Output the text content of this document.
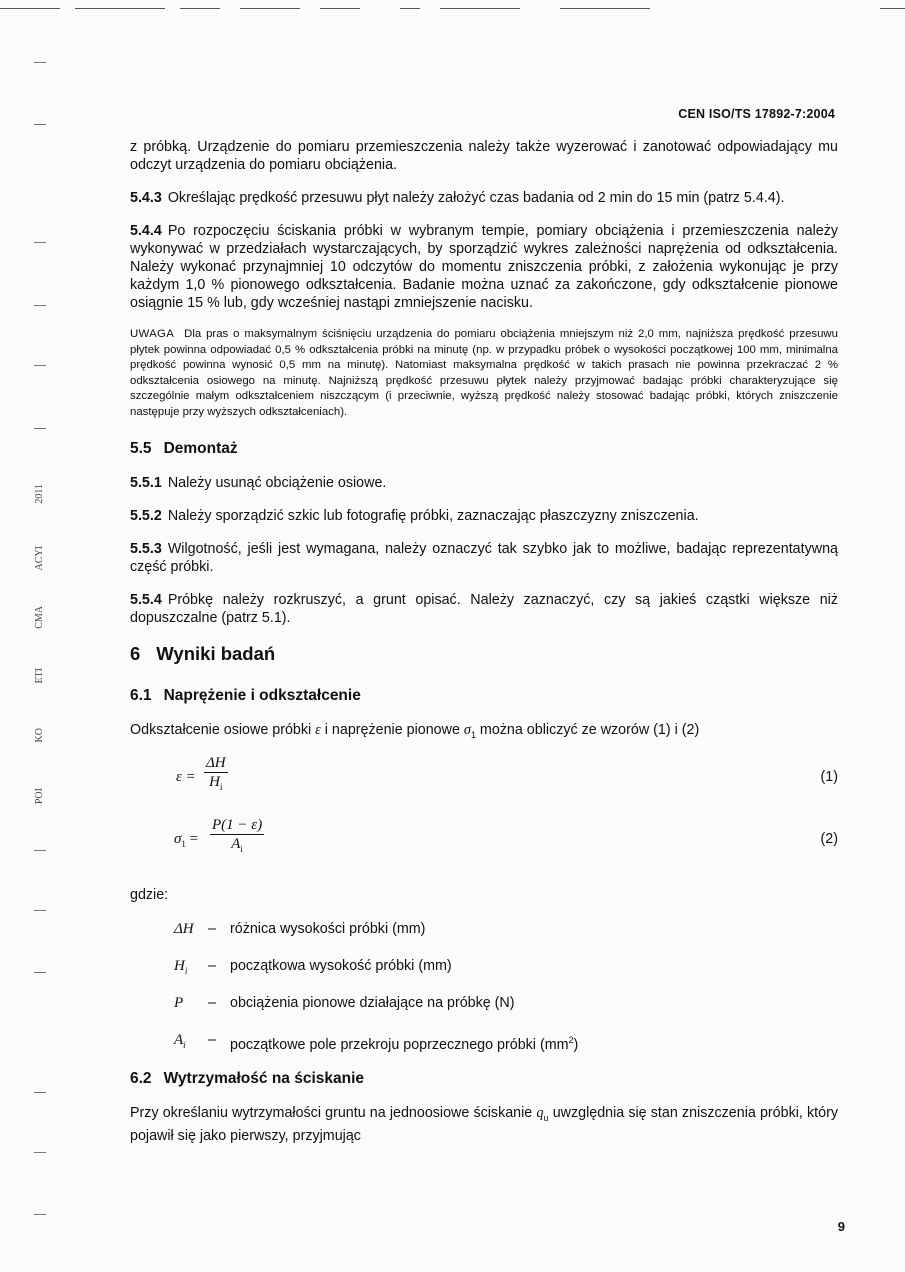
2011
ACYI
CMA
ETI
KO
POI
CEN ISO/TS 17892-7:2004

z próbką. Urządzenie do pomiaru przemieszczenia należy także wyzerować i zanotować odpowiadający mu odczyt urządzenia do pomiaru obciążenia.

5.4.3 Określając prędkość przesuwu płyt należy założyć czas badania od 2 min do 15 min (patrz 5.4.4).

5.4.4 Po rozpoczęciu ściskania próbki w wybranym tempie, pomiary obciążenia i przemieszczenia należy wykonywać w przedziałach wystarczających, by sporządzić wykres zależności naprężenia od odkształcenia. Należy wykonać przynajmniej 10 odczytów do momentu zniszczenia próbki, z założenia wykonując je przy każdym 1,0 % pionowego odkształcenia. Badanie można uznać za zakończone, gdy odkształcenie pionowe osiągnie 15 % lub, gdy wcześniej nastąpi zmniejszenie nacisku.

UWAGA Dla pras o maksymalnym ściśnięciu urządzenia do pomiaru obciążenia mniejszym niż 2,0 mm, najniższa prędkość przesuwu płytek powinna odpowiadać 0,5 % odkształcenia próbki na minutę (np. w przypadku próbek o wysokości początkowej 100 mm, minimalna prędkość powinna wynosić 0,5 mm na minutę). Natomiast maksymalna prędkość w takich prasach nie powinna przekraczać 2 % odkształcenia osiowego na minutę. Najniższą prędkość przesuwu płytek należy przyjmować badając próbki charakteryzujące się szczególnie małym odkształceniem niszczącym (i przeciwnie, wyższą prędkość należy stosować badając próbki, których zniszczenie następuje przy wyższych odkształceniach).

5.5 Demontaż

5.5.1 Należy usunąć obciążenie osiowe.

5.5.2 Należy sporządzić szkic lub fotografię próbki, zaznaczając płaszczyzny zniszczenia.

5.5.3 Wilgotność, jeśli jest wymagana, należy oznaczyć tak szybko jak to możliwe, badając reprezentatywną część próbki.

5.5.4 Próbkę należy rozkruszyć, a grunt opisać. Należy zaznaczyć, czy są jakieś cząstki większe niż dopuszczalne (patrz 5.1).

6 Wyniki badań
6.1 Naprężenie i odkształcenie

Odkształcenie osiowe próbki ε i naprężenie pionowe $\sigma_1$ można obliczyć ze wzorów (1) i (2)

$\varepsilon = \frac{\Delta H}{H_i}$	(1)
$\sigma_1 = \frac{P(1 - \varepsilon)}{A_i}$	(2)

gdzie:

ΔH	– różnica wysokości próbki (mm)
$H_i$	– początkowa wysokość próbki (mm)
P	– obciążenia pionowe działające na próbkę (N)
$A_i$	– początkowe pole przekroju poprzecznego próbki $(mm^2)$
6.2 Wytrzymałość na ściskanie

Przy określaniu wytrzymałości gruntu na jednoosiowe ściskanie $q_u$ uwzględnia się stan zniszczenia próbki, który pojawił się jako pierwszy, przyjmując

9
